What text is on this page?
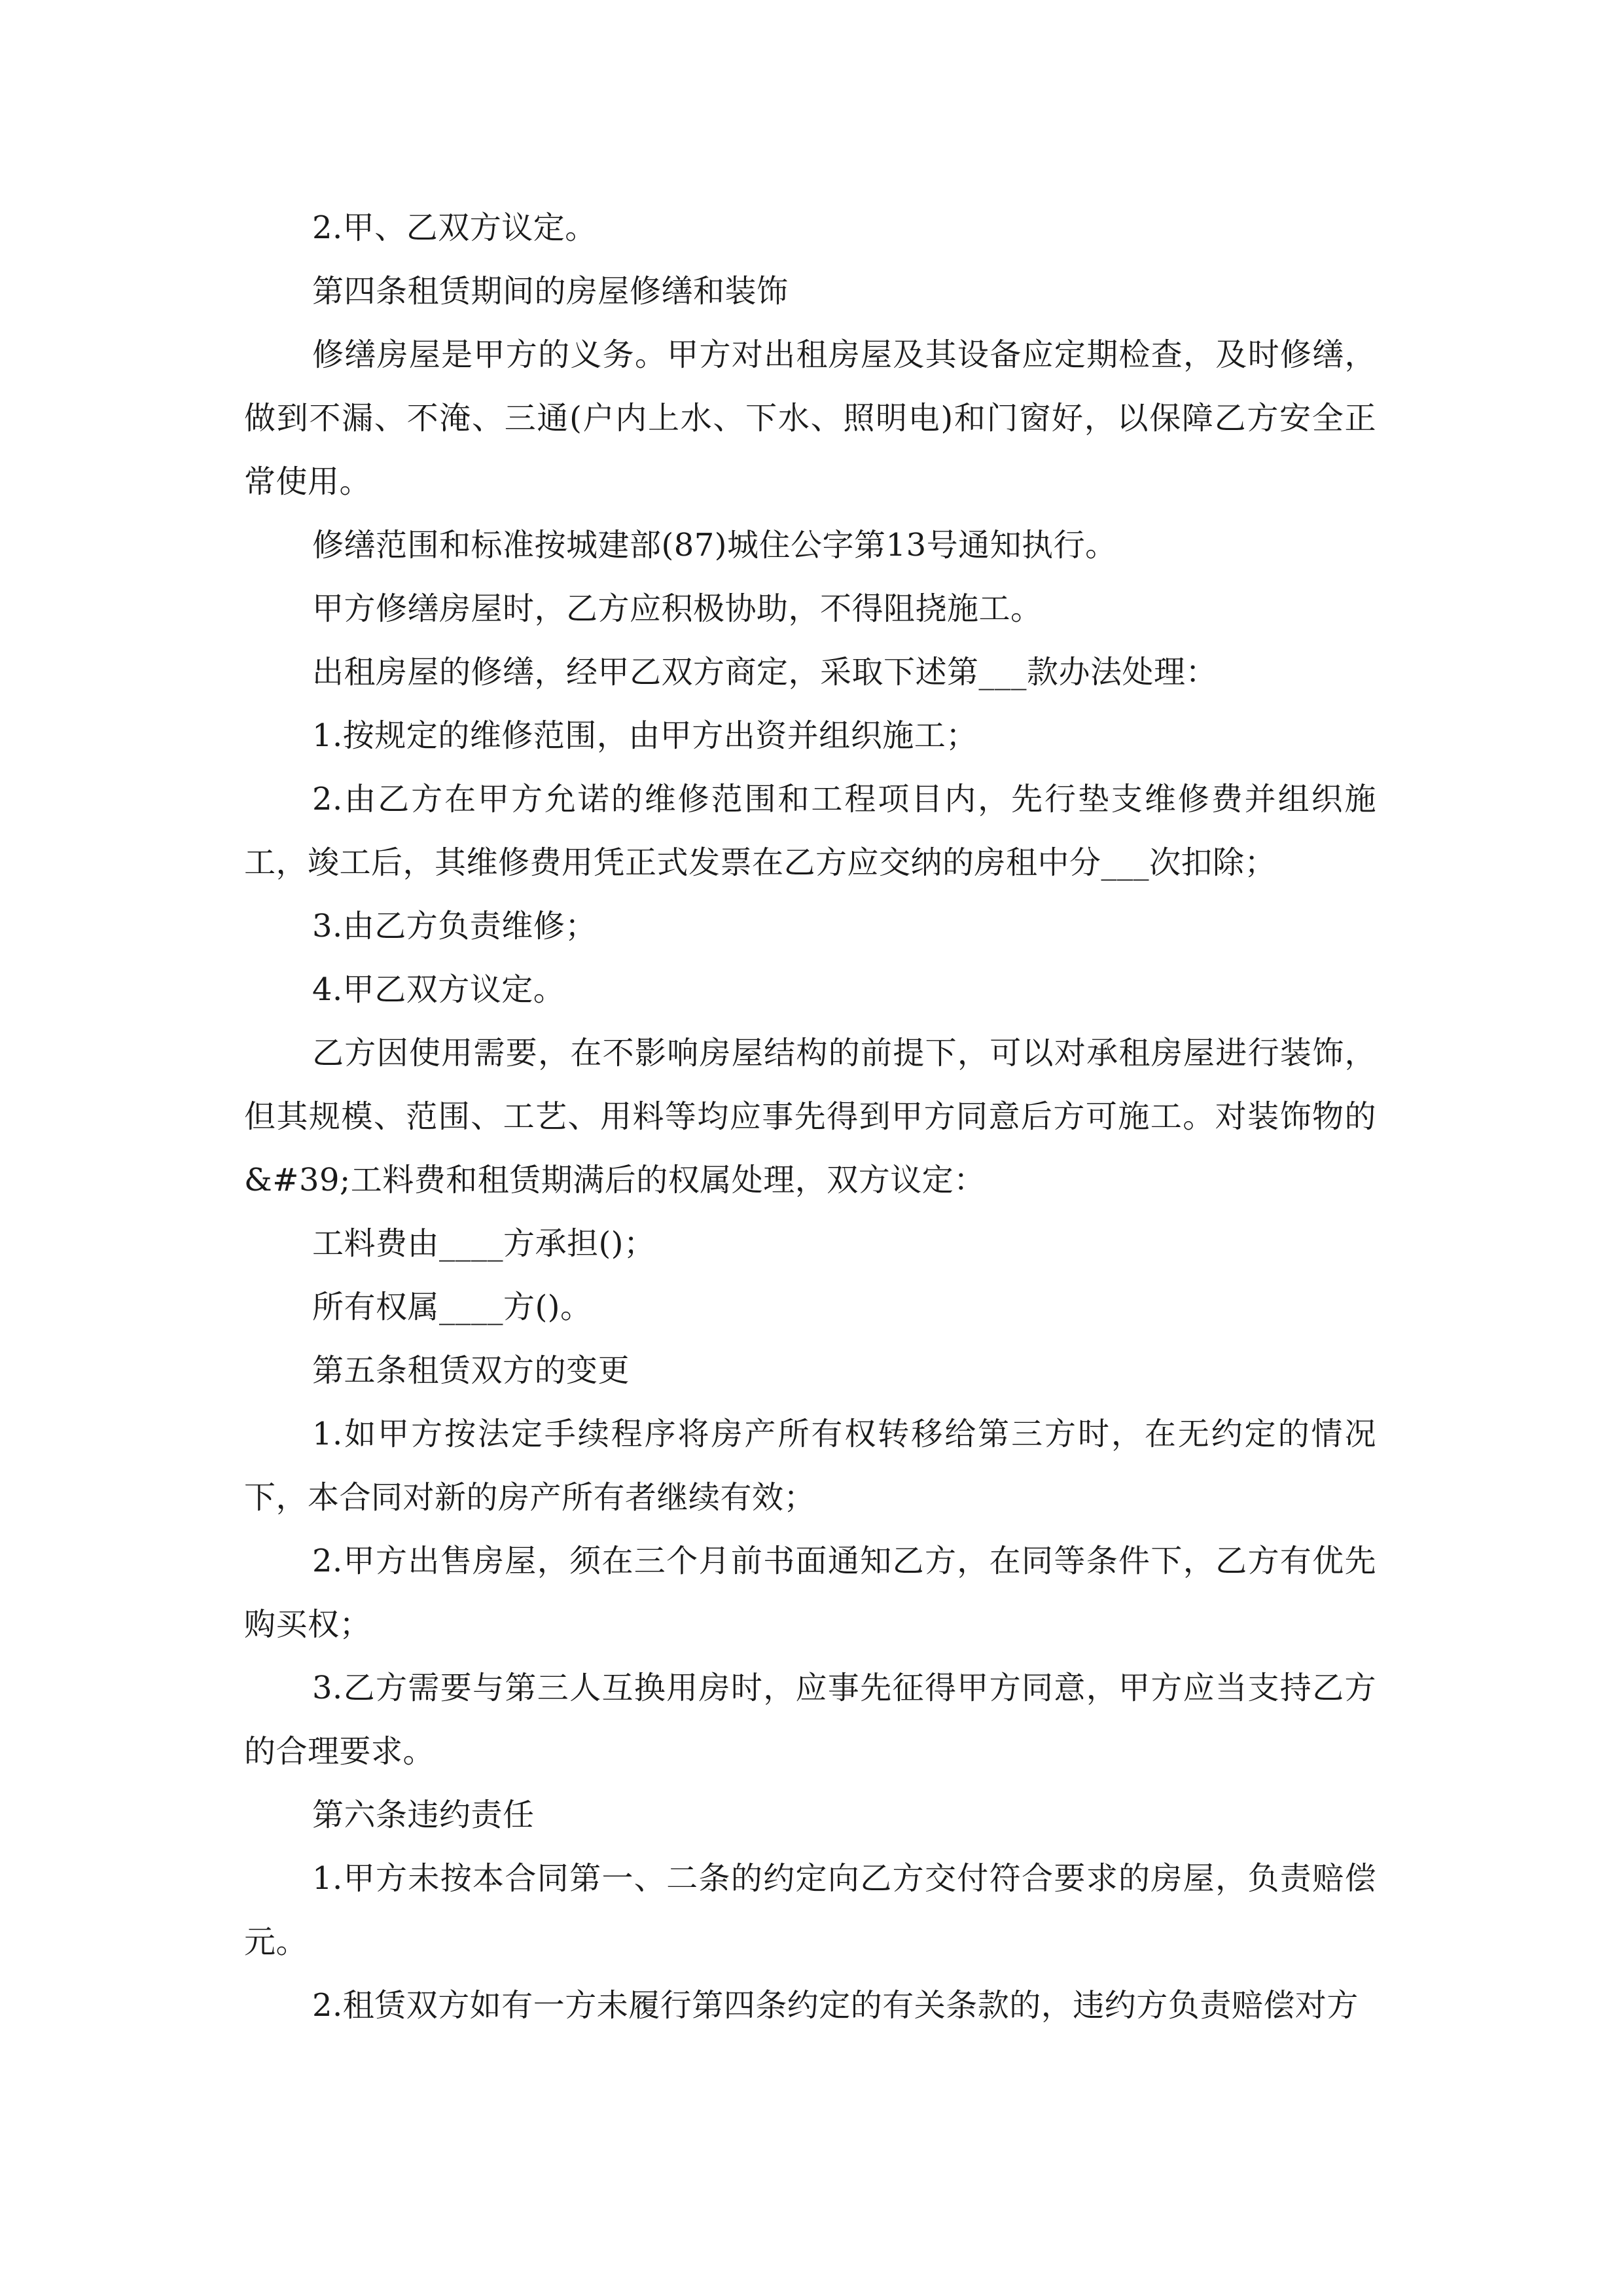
2.甲、乙双方议定。

第四条租赁期间的房屋修缮和装饰

修缮房屋是甲方的义务。甲方对出租房屋及其设备应定期检查，及时修缮，做到不漏、不淹、三通(户内上水、下水、照明电)和门窗好，以保障乙方安全正常使用。

修缮范围和标准按城建部(87)城住公字第13号通知执行。

甲方修缮房屋时，乙方应积极协助，不得阻挠施工。

出租房屋的修缮，经甲乙双方商定，采取下述第___款办法处理：

1.按规定的维修范围，由甲方出资并组织施工；

2.由乙方在甲方允诺的维修范围和工程项目内，先行垫支维修费并组织施工，竣工后，其维修费用凭正式发票在乙方应交纳的房租中分___次扣除；

3.由乙方负责维修；

4.甲乙双方议定。

乙方因使用需要，在不影响房屋结构的前提下，可以对承租房屋进行装饰，但其规模、范围、工艺、用料等均应事先得到甲方同意后方可施工。对装饰物的&#39;工料费和租赁期满后的权属处理，双方议定：

工料费由____方承担()；

所有权属____方()。

第五条租赁双方的变更

1.如甲方按法定手续程序将房产所有权转移给第三方时，在无约定的情况下，本合同对新的房产所有者继续有效；

2.甲方出售房屋，须在三个月前书面通知乙方，在同等条件下，乙方有优先购买权；

3.乙方需要与第三人互换用房时，应事先征得甲方同意，甲方应当支持乙方的合理要求。

第六条违约责任

1.甲方未按本合同第一、二条的约定向乙方交付符合要求的房屋，负责赔偿元。

2.租赁双方如有一方未履行第四条约定的有关条款的，违约方负责赔偿对方
